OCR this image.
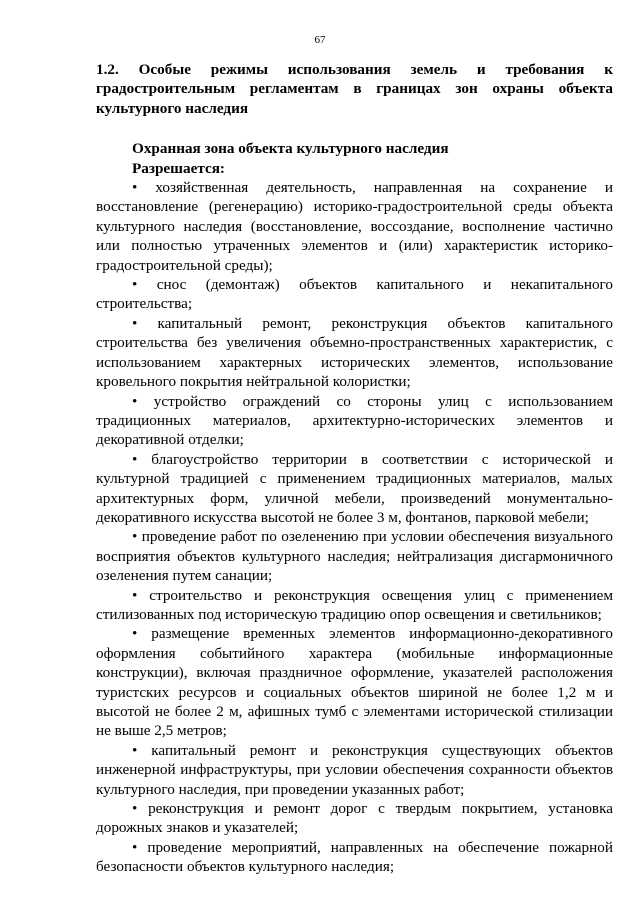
67

1.2. Особые режимы использования земель и требования к градостроительным регламентам в границах зон охраны объекта культурного наследия

Охранная зона объекта культурного наследия
Разрешается:

• хозяйственная деятельность, направленная на сохранение и восстановление (регенерацию) историко-градостроительной среды объекта культурного наследия (восстановление, воссоздание, восполнение частично или полностью утраченных элементов и (или) характеристик историко-градостроительной среды);

• снос (демонтаж) объектов капитального и некапитального строительства;

• капитальный ремонт, реконструкция объектов капитального строительства без увеличения объемно-пространственных характеристик, с использованием характерных исторических элементов, использование кровельного покрытия нейтральной колористки;

• устройство ограждений со стороны улиц с использованием традиционных материалов, архитектурно-исторических элементов и декоративной отделки;

• благоустройство территории в соответствии с исторической и культурной традицией с применением традиционных материалов, малых архитектурных форм, уличной мебели, произведений монументально-декоративного искусства высотой не более 3 м, фонтанов, парковой мебели;

• проведение работ по озеленению при условии обеспечения визуального восприятия объектов культурного наследия; нейтрализация дисгармоничного озеленения путем санации;

• строительство и реконструкция освещения улиц с применением стилизованных под историческую традицию опор освещения и светильников;

• размещение временных элементов информационно-декоративного оформления событийного характера (мобильные информационные конструкции), включая праздничное оформление, указателей расположения туристских ресурсов и социальных объектов шириной не более 1,2 м и высотой не более 2 м, афишных тумб с элементами исторической стилизации не выше 2,5 метров;

• капитальный ремонт и реконструкция существующих объектов инженерной инфраструктуры, при условии обеспечения сохранности объектов культурного наследия, при проведении указанных работ;

• реконструкция и ремонт дорог с твердым покрытием, установка дорожных знаков и указателей;

• проведение мероприятий, направленных на обеспечение пожарной безопасности объектов культурного наследия;
